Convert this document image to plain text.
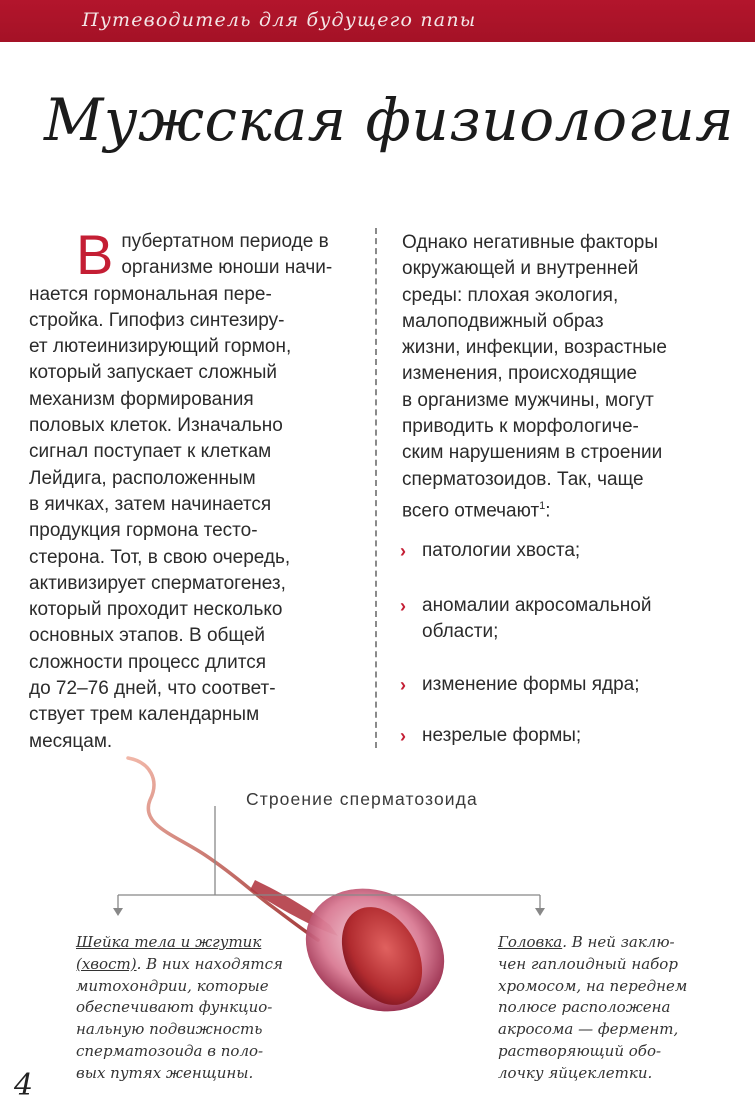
Путеводитель для будущего папы
Мужская физиология
В пубертатном периоде в
организме юноши начи-
нается гормональная пере-
стройка. Гипофиз синтезиру-
ет лютеинизирующий гормон,
который запускает сложный
механизм формирования
половых клеток. Изначально
сигнал поступает к клеткам
Лейдига, расположенным
в яичках, затем начинается
продукция гормона тесто-
стерона. Тот, в свою очередь,
активизирует сперматогенез,
который проходит несколько
основных этапов. В общей
сложности процесс длится
до 72–76 дней, что соответ-
ствует трем календарным
месяцам.
Однако негативные факторы
окружающей и внутренней
среды: плохая экология,
малоподвижный образ
жизни, инфекции, возрастные
изменения, происходящие
в организме мужчины, могут
приводить к морфологиче-
ским нарушениям в строении
сперматозоидов. Так, чаще
всего отмечают$^1$:
› патологии хвоста;
› аномалии акросомальной
области;
› изменение формы ядра;
› незрелые формы;
Строение сперматозоида
Шейка тела и жгутик
(хвост). В них находятся
митохондрии, которые
обеспечивают функцио-
нальную подвижность
сперматозоида в поло-
вых путях женщины.
Головка. В ней заклю-
чен гаплоидный набор
хромосом, на переднем
полюсе расположена
акросома — фермент,
растворяющий обо-
лочку яйцеклетки.
4
